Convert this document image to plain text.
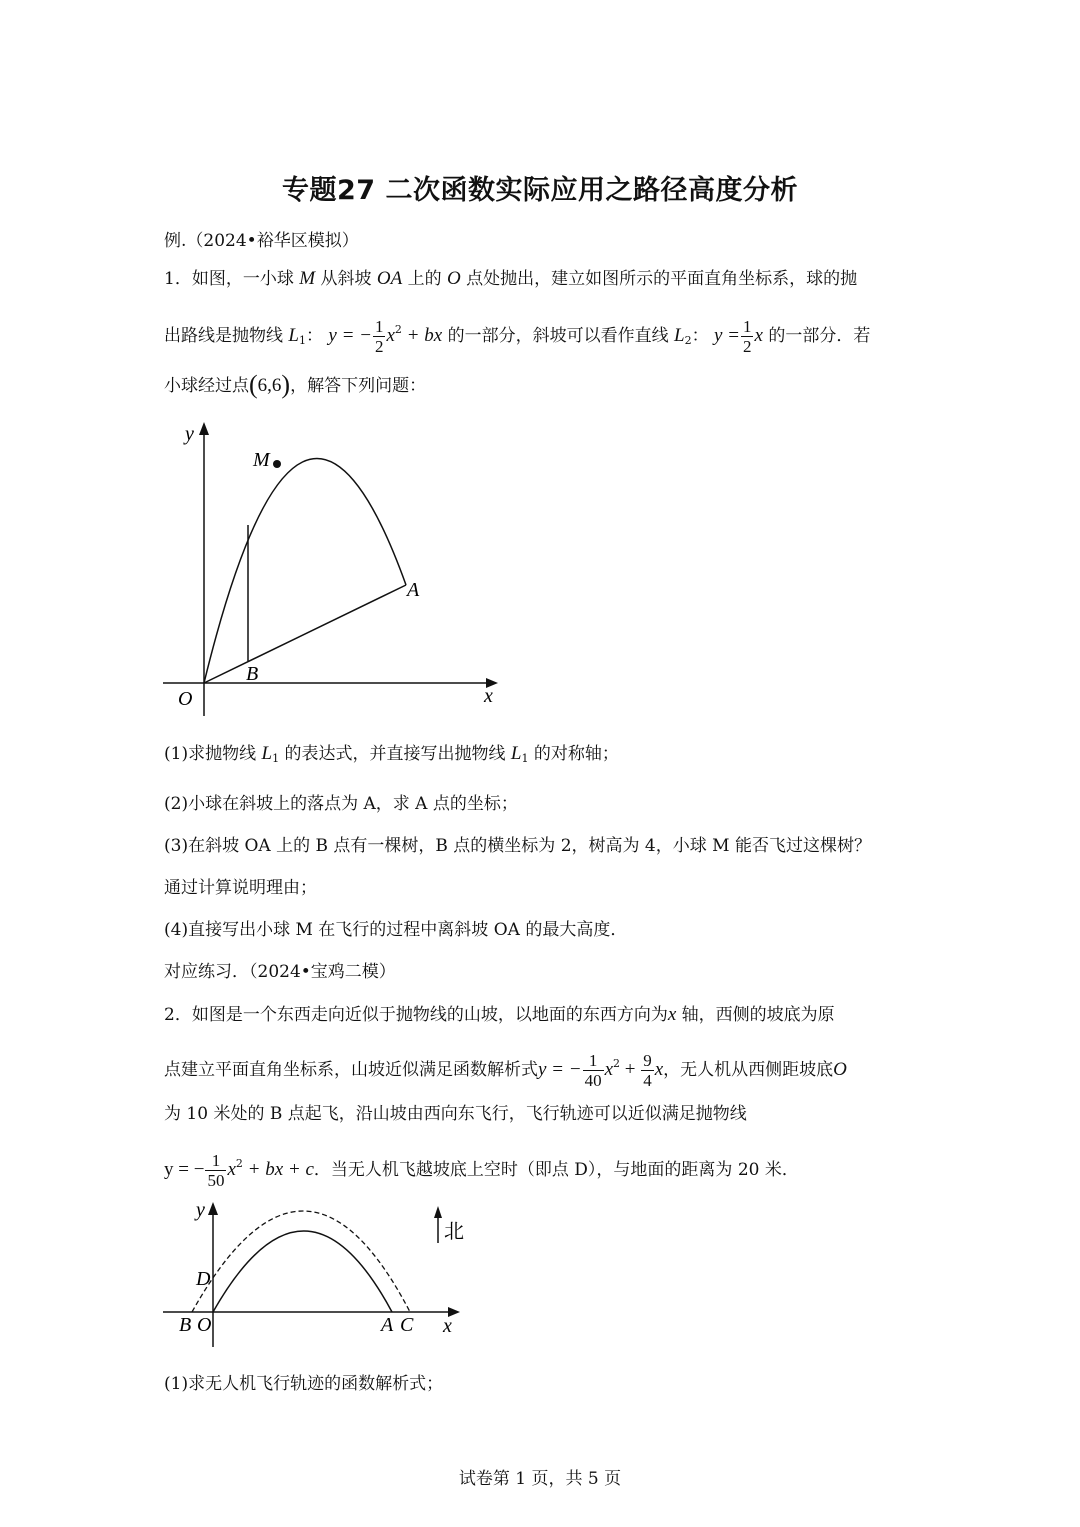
专题27 二次函数实际应用之路径高度分析
例.（2024•裕华区模拟）
1．如图，一小球 M 从斜坡 OA 上的 O 点处抛出，建立如图所示的平面直角坐标系，球的抛
出路线是抛物线 $L_1$： y = − $\frac{1}{2} x^2$ + bx 的一部分，斜坡可以看作直线 $L_2$： $y = \frac{1}{2}$ x 的一部分．若
小球经过点(6,6)，解答下列问题：
y
x
O
M
A
B
(1)求抛物线 $L_1$ 的表达式，并直接写出抛物线 $L_1$ 的对称轴；
(2)小球在斜坡上的落点为 A，求 A 点的坐标；
(3)在斜坡 OA 上的 B 点有一棵树，B 点的横坐标为 2，树高为 4，小球 M 能否飞过这棵树？
通过计算说明理由；
(4)直接写出小球 M 在飞行的过程中离斜坡 OA 的最大高度．
对应练习．（2024•宝鸡二模）
2．如图是一个东西走向近似于抛物线的山坡，以地面的东西方向为x 轴，西侧的坡底为原
点建立平面直角坐标系，山坡近似满足函数解析式y = − $\frac{1}{40} x^2 + \frac{9}{4}$ x，无人机从西侧距坡底O
为 10 米处的 B 点起飞，沿山坡由西向东飞行，飞行轨迹可以近似满足抛物线
y = − $\frac{1}{50} x^2$ + bx + c．当无人机飞越坡底上空时（即点 D），与地面的距离为 20 米．
北
y
x
D
B O	A C
(1)求无人机飞行轨迹的函数解析式；
试卷第 1 页，共 5 页
